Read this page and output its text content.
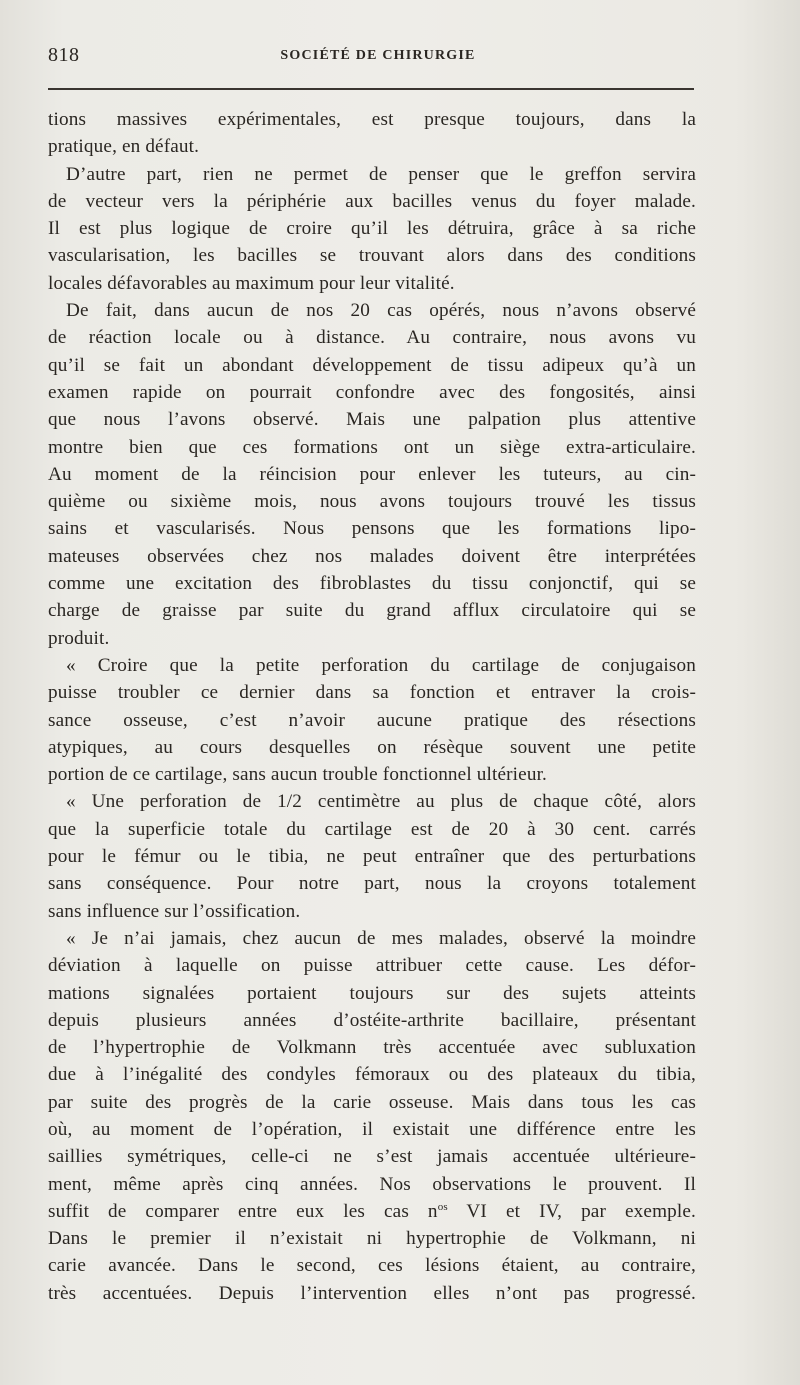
818	SOCIÉTÉ DE CHIRURGIE
tions massives expérimentales, est presque toujours, dans la
pratique, en défaut.
D’autre part, rien ne permet de penser que le greffon servira
de vecteur vers la périphérie aux bacilles venus du foyer malade.
Il est plus logique de croire qu’il les détruira, grâce à sa riche
vascularisation, les bacilles se trouvant alors dans des conditions
locales défavorables au maximum pour leur vitalité.
De fait, dans aucun de nos 20 cas opérés, nous n’avons observé
de réaction locale ou à distance. Au contraire, nous avons vu
qu’il se fait un abondant développement de tissu adipeux qu’à un
examen rapide on pourrait confondre avec des fongosités, ainsi
que nous l’avons observé. Mais une palpation plus attentive
montre bien que ces formations ont un siège extra-articulaire.
Au moment de la réincision pour enlever les tuteurs, au cin-
quième ou sixième mois, nous avons toujours trouvé les tissus
sains et vascularisés. Nous pensons que les formations lipo-
mateuses observées chez nos malades doivent être interprétées
comme une excitation des fibroblastes du tissu conjonctif, qui se
charge de graisse par suite du grand afflux circulatoire qui se
produit.
« Croire que la petite perforation du cartilage de conjugaison
puisse troubler ce dernier dans sa fonction et entraver la crois-
sance osseuse, c’est n’avoir aucune pratique des résections
atypiques, au cours desquelles on résèque souvent une petite
portion de ce cartilage, sans aucun trouble fonctionnel ultérieur.
« Une perforation de 1/2 centimètre au plus de chaque côté, alors
que la superficie totale du cartilage est de 20 à 30 cent. carrés
pour le fémur ou le tibia, ne peut entraîner que des perturbations
sans conséquence. Pour notre part, nous la croyons totalement
sans influence sur l’ossification.
« Je n’ai jamais, chez aucun de mes malades, observé la moindre
déviation à laquelle on puisse attribuer cette cause. Les défor-
mations signalées portaient toujours sur des sujets atteints
depuis plusieurs années d’ostéite-arthrite bacillaire, présentant
de l’hypertrophie de Volkmann très accentuée avec subluxation
due à l’inégalité des condyles fémoraux ou des plateaux du tibia,
par suite des progrès de la carie osseuse. Mais dans tous les cas
où, au moment de l’opération, il existait une différence entre les
saillies symétriques, celle-ci ne s’est jamais accentuée ultérieure-
ment, même après cinq années. Nos observations le prouvent. Il
suffit de comparer entre eux les cas $n^{os}$ VI et IV, par exemple.
Dans le premier il n’existait ni hypertrophie de Volkmann, ni
carie avancée. Dans le second, ces lésions étaient, au contraire,
très accentuées. Depuis l’intervention elles n’ont pas progressé.
